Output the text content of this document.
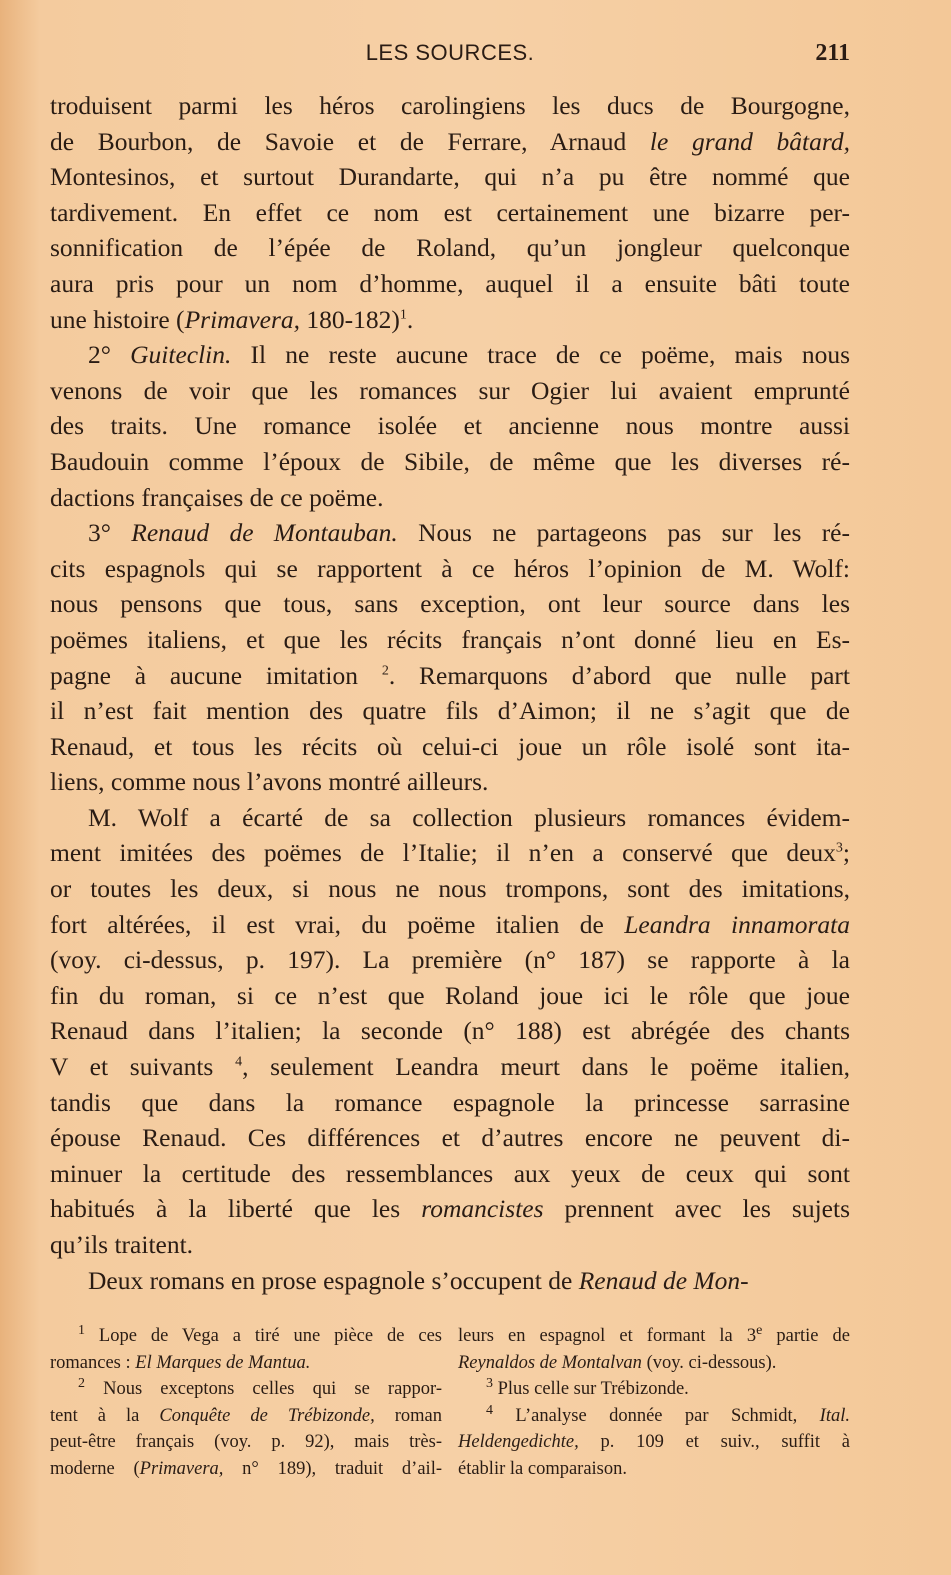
LES SOURCES.	211
troduisent parmi les héros carolingiens les ducs de Bourgogne,
de Bourbon, de Savoie et de Ferrare, Arnaud le grand bâtard,
Montesinos, et surtout Durandarte, qui n’a pu être nommé que
tardivement. En effet ce nom est certainement une bizarre per-
sonnification de l’épée de Roland, qu’un jongleur quelconque
aura pris pour un nom d’homme, auquel il a ensuite bâti toute
une histoire (Primavera, 180-182)$^1$.
2° Guiteclin. Il ne reste aucune trace de ce poëme, mais nous
venons de voir que les romances sur Ogier lui avaient emprunté
des traits. Une romance isolée et ancienne nous montre aussi
Baudouin comme l’époux de Sibile, de même que les diverses ré-
dactions françaises de ce poëme.
3° Renaud de Montauban. Nous ne partageons pas sur les ré-
cits espagnols qui se rapportent à ce héros l’opinion de M. Wolf:
nous pensons que tous, sans exception, ont leur source dans les
poëmes italiens, et que les récits français n’ont donné lieu en Es-
pagne à aucune imitation $^2$. Remarquons d’abord que nulle part
il n’est fait mention des quatre fils d’Aimon; il ne s’agit que de
Renaud, et tous les récits où celui-ci joue un rôle isolé sont ita-
liens, comme nous l’avons montré ailleurs.
M. Wolf a écarté de sa collection plusieurs romances évidem-
ment imitées des poëmes de l’Italie; il n’en a conservé que deux$^3$;
or toutes les deux, si nous ne nous trompons, sont des imitations,
fort altérées, il est vrai, du poëme italien de Leandra innamorata
(voy. ci-dessus, p. 197). La première (n° 187) se rapporte à la
fin du roman, si ce n’est que Roland joue ici le rôle que joue
Renaud dans l’italien; la seconde (n° 188) est abrégée des chants
V et suivants $^4$, seulement Leandra meurt dans le poëme italien,
tandis que dans la romance espagnole la princesse sarrasine
épouse Renaud. Ces différences et d’autres encore ne peuvent di-
minuer la certitude des ressemblances aux yeux de ceux qui sont
habitués à la liberté que les romancistes prennent avec les sujets
qu’ils traitent.
Deux romans en prose espagnole s’occupent de Renaud de Mon-
$^1$ Lope de Vega a tiré une pièce de ces
romances : El Marques de Mantua.
$^2$ Nous exceptons celles qui se rappor-
tent à la Conquête de Trébizonde, roman
peut-être français (voy. p. 92), mais très-
moderne (Primavera, n° 189), traduit d’ail-
leurs en espagnol et formant la 3e partie de
Reynaldos de Montalvan (voy. ci-dessous).
$^3$ Plus celle sur Trébizonde.
$^4$ L’analyse donnée par Schmidt, Ital.
Heldengedichte, p. 109 et suiv., suffit à
établir la comparaison.
